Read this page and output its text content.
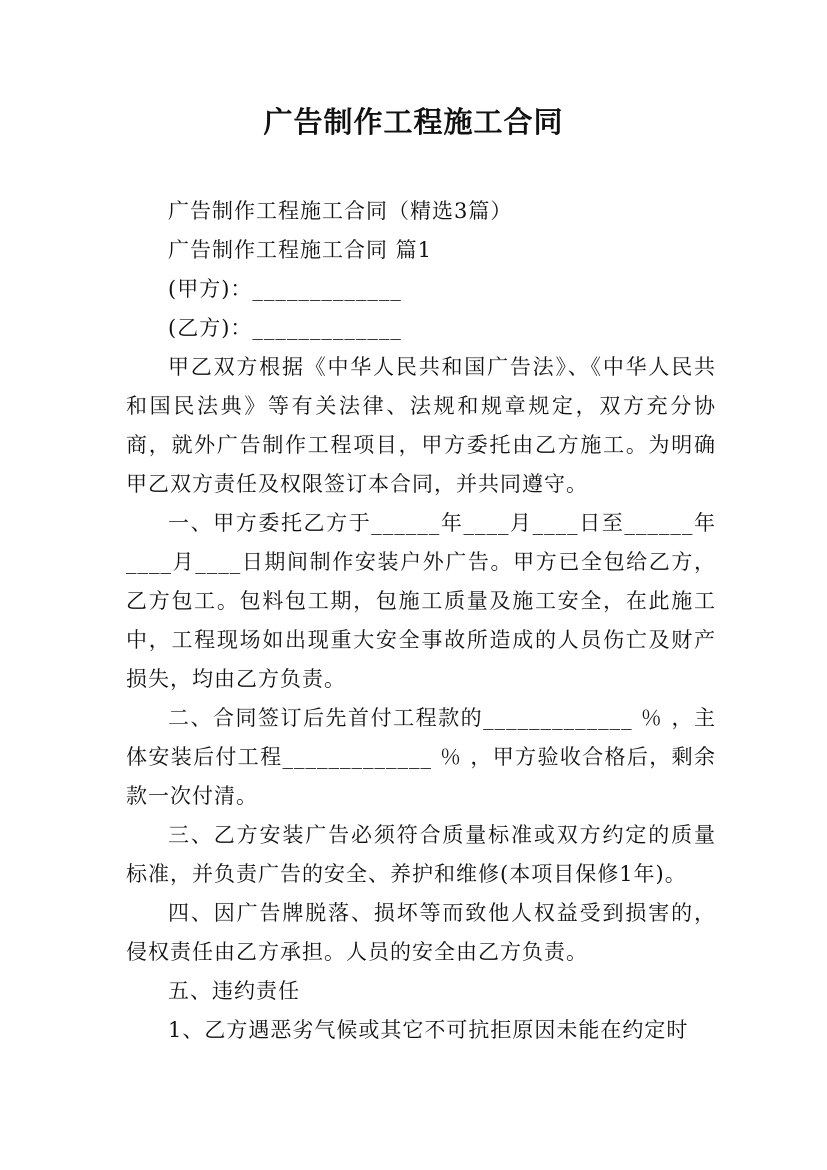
广告制作工程施工合同

广告制作工程施工合同（精选3篇）

广告制作工程施工合同 篇1

(甲方)：_____________

(乙方)：_____________

甲乙双方根据《中华人民共和国广告法》、《中华人民共和国民法典》等有关法律、法规和规章规定，双方充分协商，就外广告制作工程项目，甲方委托由乙方施工。为明确甲乙双方责任及权限签订本合同，并共同遵守。

一、甲方委托乙方于______年____月____日至______年____月____日期间制作安装户外广告。甲方已全包给乙方，乙方包工。包料包工期，包施工质量及施工安全，在此施工中，工程现场如出现重大安全事故所造成的人员伤亡及财产损失，均由乙方负责。

二、合同签订后先首付工程款的_____________ ％ ，主体安装后付工程_____________ ％ ，甲方验收合格后，剩余款一次付清。

三、乙方安装广告必须符合质量标准或双方约定的质量标准，并负责广告的安全、养护和维修(本项目保修1年)。

四、因广告牌脱落、损坏等而致他人权益受到损害的，侵权责任由乙方承担。人员的安全由乙方负责。

五、违约责任

1、乙方遇恶劣气候或其它不可抗拒原因未能在约定时
